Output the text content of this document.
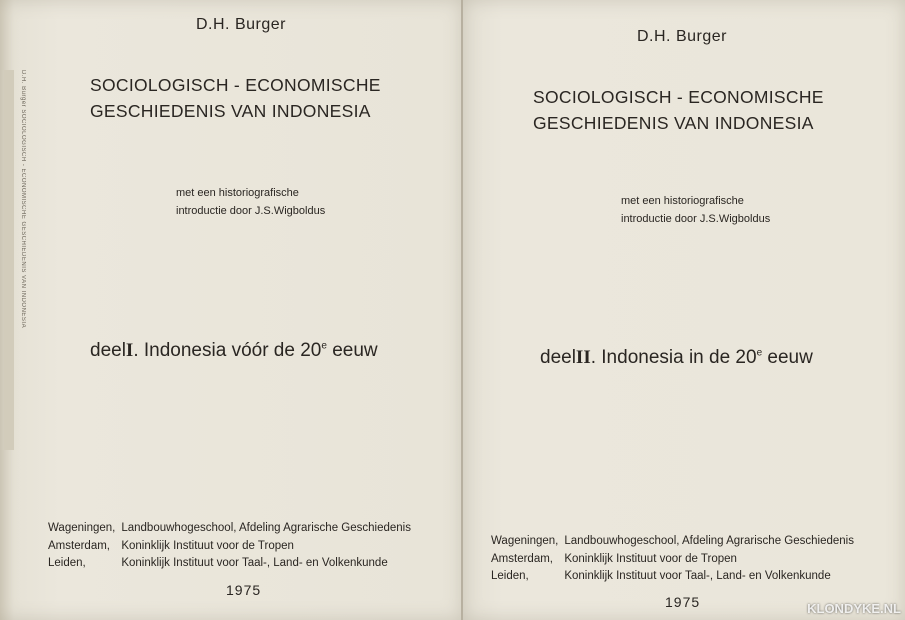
D.H. Burger SOCIOLOGISCH - ECONOMISCHE GESCHIEDENIS VAN INDONESIA
D.H. Burger
SOCIOLOGISCH - ECONOMISCHE
GESCHIEDENIS VAN INDONESIA
met een historiografische
introductie door J.S.Wigboldus
deelI. Indonesia vóór de 20e eeuw
Wageningen,	Landbouwhogeschool, Afdeling Agrarische Geschiedenis
Amsterdam,	Koninklijk Instituut voor de Tropen
Leiden,	Koninklijk Instituut voor Taal-, Land- en Volkenkunde
1975
D.H. Burger
SOCIOLOGISCH - ECONOMISCHE
GESCHIEDENIS VAN INDONESIA
met een historiografische
introductie door J.S.Wigboldus
deelII. Indonesia in de 20e eeuw
Wageningen,	Landbouwhogeschool, Afdeling Agrarische Geschiedenis
Amsterdam,	Koninklijk Instituut voor de Tropen
Leiden,	Koninklijk Instituut voor Taal-, Land- en Volkenkunde
1975	KLONDYKE.NL
